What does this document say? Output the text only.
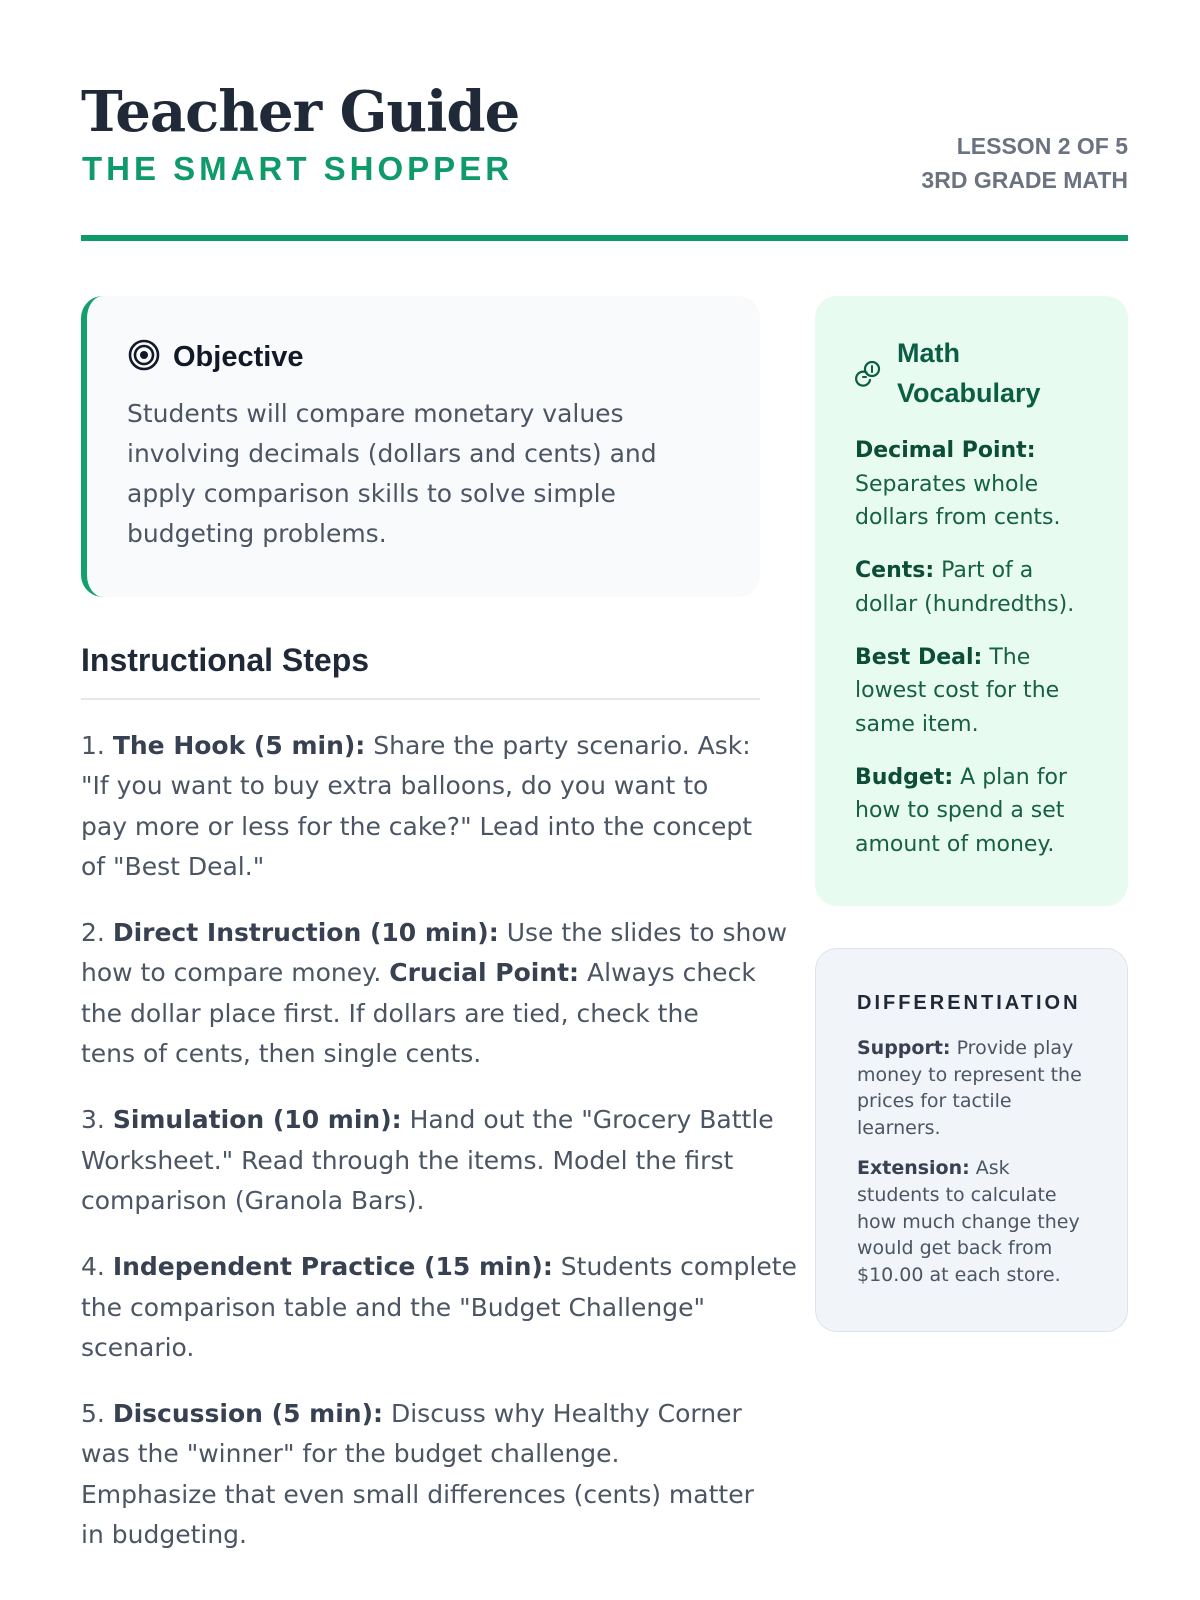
Teacher Guide
THE SMART SHOPPER
LESSON 2 OF 5
3RD GRADE MATH
Objective
Students will compare monetary values
involving decimals (dollars and cents) and
apply comparison skills to solve simple
budgeting problems.
Instructional Steps
1. The Hook (5 min): Share the party scenario. Ask:
"If you want to buy extra balloons, do you want to
pay more or less for the cake?" Lead into the concept
of "Best Deal."
2. Direct Instruction (10 min): Use the slides to show
how to compare money. Crucial Point: Always check
the dollar place first. If dollars are tied, check the
tens of cents, then single cents.
3. Simulation (10 min): Hand out the "Grocery Battle
Worksheet." Read through the items. Model the first
comparison (Granola Bars).
4. Independent Practice (15 min): Students complete
the comparison table and the "Budget Challenge"
scenario.
5. Discussion (5 min): Discuss why Healthy Corner
was the "winner" for the budget challenge.
Emphasize that even small differences (cents) matter
in budgeting.
Math
Vocabulary
Decimal Point:
Separates whole
dollars from cents.
Cents: Part of a
dollar (hundredths).
Best Deal: The
lowest cost for the
same item.
Budget: A plan for
how to spend a set
amount of money.
DIFFERENTIATION
Support: Provide play
money to represent the
prices for tactile
learners.
Extension: Ask
students to calculate
how much change they
would get back from
$10.00 at each store.
